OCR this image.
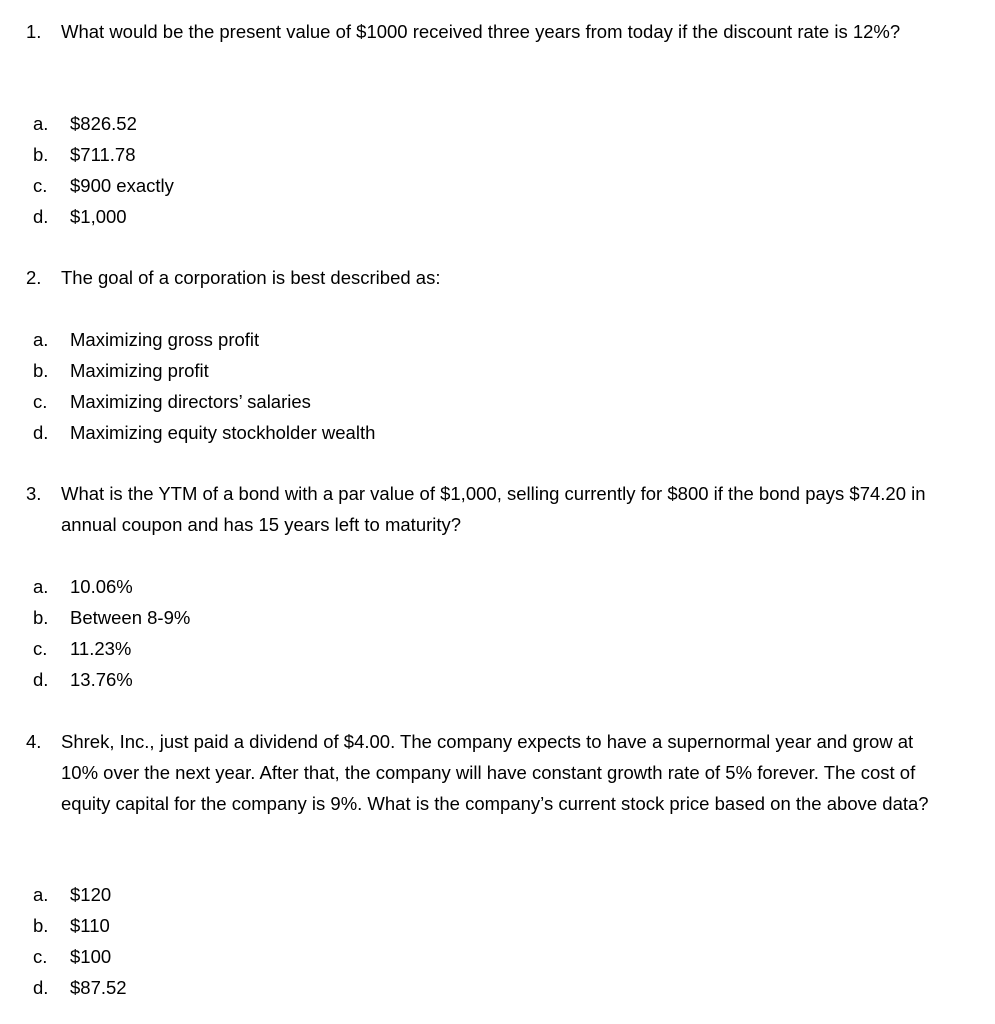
1.	What would be the present value of $1000 received three years from today if the discount rate is 12%?
a.	$826.52
b.	$711.78
c.	$900 exactly
d.	$1,000
2.	The goal of a corporation is best described as:
a.	Maximizing gross profit
b.	Maximizing profit
c.	Maximizing directors’ salaries
d.	Maximizing equity stockholder wealth
3.	What is the YTM of a bond with a par value of $1,000, selling currently for $800 if the bond pays $74.20 in annual coupon and has 15 years left to maturity?
a.	10.06%
b.	Between 8-9%
c.	11.23%
d.	13.76%
4.	Shrek, Inc., just paid a dividend of $4.00. The company expects to have a supernormal year and grow at 10% over the next year. After that, the company will have constant growth rate of 5% forever. The cost of equity capital for the company is 9%. What is the company’s current stock price based on the above data?
a.	$120
b.	$110
c.	$100
d.	$87.52
